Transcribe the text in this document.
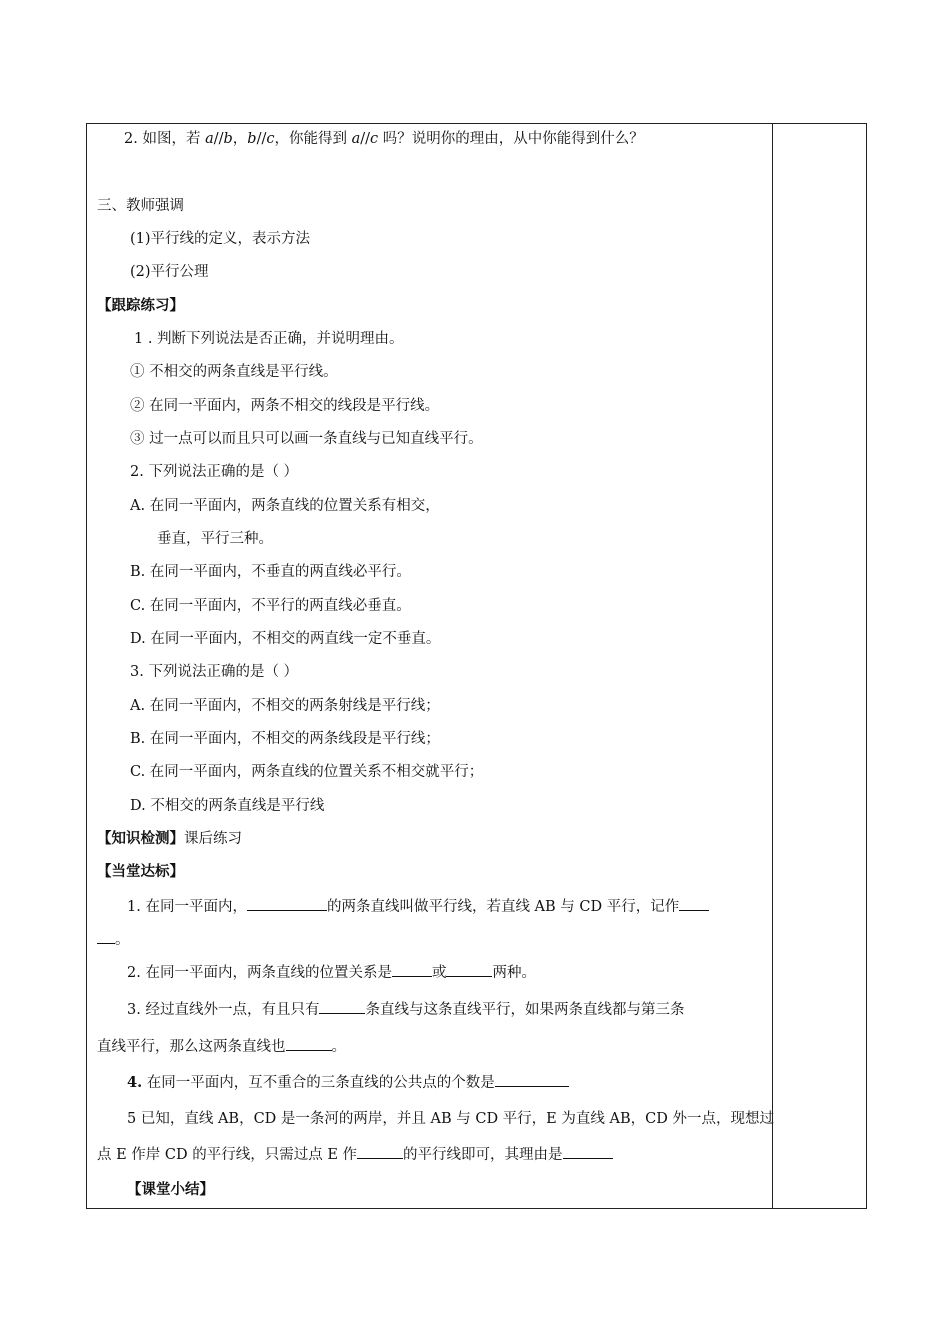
2. 如图，若 a//b，b//c，你能得到 a//c 吗？说明你的理由，从中你能得到什么？
三、教师强调
(1)平行线的定义，表示方法
(2)平行公理
【跟踪练习】
1 . 判断下列说法是否正确，并说明理由。
① 不相交的两条直线是平行线。
② 在同一平面内，两条不相交的线段是平行线。
③ 过一点可以而且只可以画一条直线与已知直线平行。
2. 下列说法正确的是（ ）
A. 在同一平面内，两条直线的位置关系有相交，
垂直，平行三种。
B. 在同一平面内，不垂直的两直线必平行。
C. 在同一平面内，不平行的两直线必垂直。
D. 在同一平面内，不相交的两直线一定不垂直。
3. 下列说法正确的是（ ）
A. 在同一平面内，不相交的两条射线是平行线；
B. 在同一平面内，不相交的两条线段是平行线；
C. 在同一平面内，两条直线的位置关系不相交就平行；
D. 不相交的两条直线是平行线
【知识检测】课后练习
【当堂达标】
1. 在同一平面内，	的两条直线叫做平行线，若直线 AB 与 CD 平行，记作
。
2. 在同一平面内，两条直线的位置关系是	或	两种。
3. 经过直线外一点，有且只有	条直线与这条直线平行，如果两条直线都与第三条
直线平行，那么这两条直线也	。
4. 在同一平面内，互不重合的三条直线的公共点的个数是
5 已知，直线 AB，CD 是一条河的两岸，并且 AB 与 CD 平行，E 为直线 AB，CD 外一点，现想过
点 E 作岸 CD 的平行线，只需过点 E 作	的平行线即可，其理由是
【课堂小结】
